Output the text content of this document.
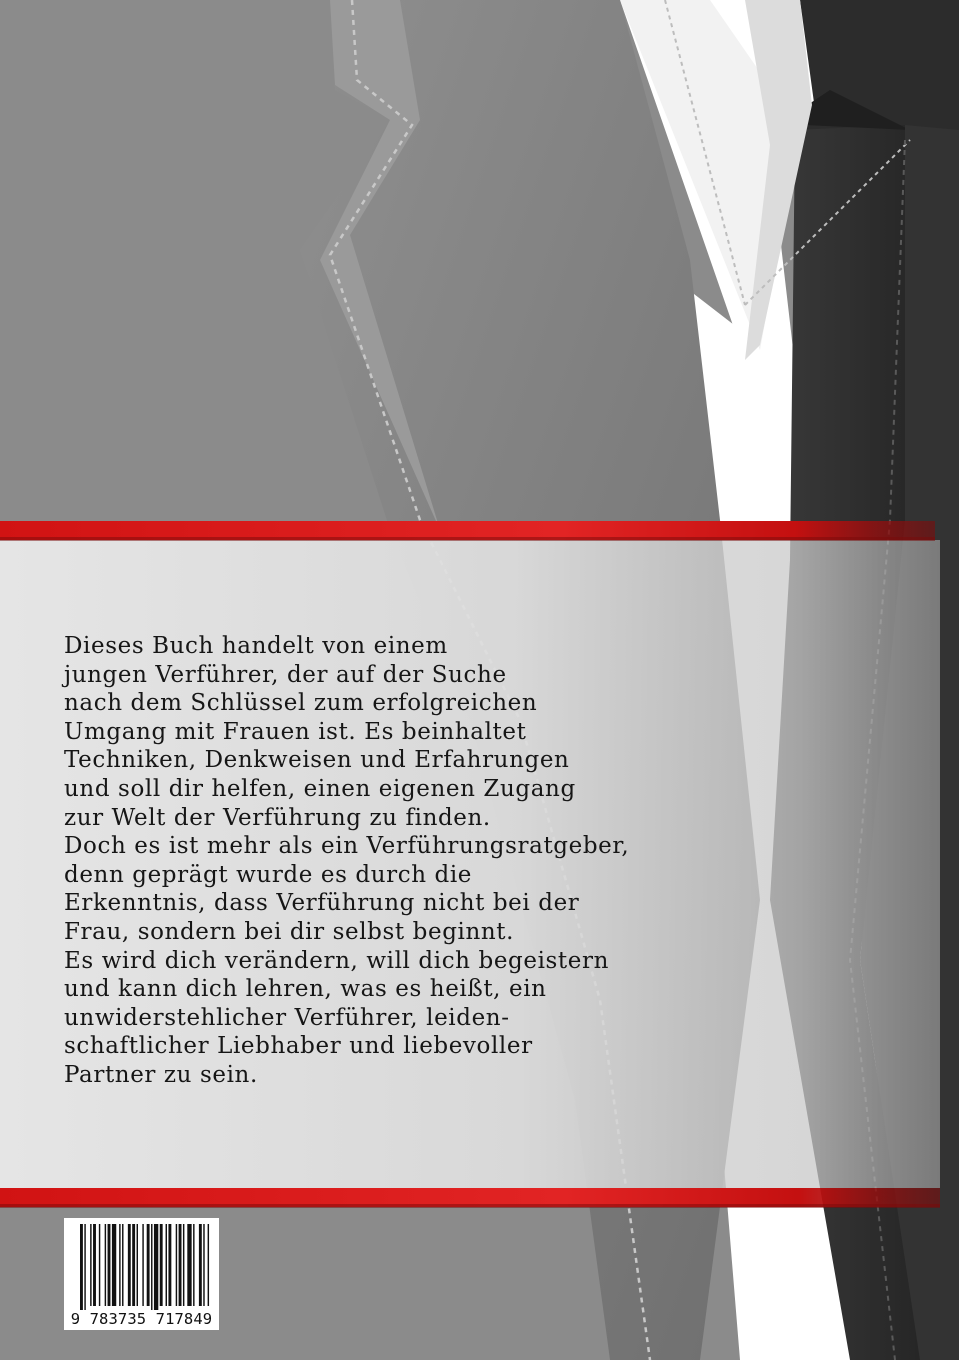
Dieses Buch handelt von einem
jungen Verführer, der auf der Suche
nach dem Schlüssel zum erfolgreichen
Umgang mit Frauen ist. Es beinhaltet
Techniken, Denkweisen und Erfahrungen
und soll dir helfen, einen eigenen Zugang
zur Welt der Verführung zu finden.
Doch es ist mehr als ein Verführungsratgeber,
denn geprägt wurde es durch die
Erkenntnis, dass Verführung nicht bei der
Frau, sondern bei dir selbst beginnt.
Es wird dich verändern, will dich begeistern
und kann dich lehren, was es heißt, ein
unwiderstehlicher Verführer, leiden-
schaftlicher Liebhaber und liebevoller
Partner zu sein.

9 783735 717849
